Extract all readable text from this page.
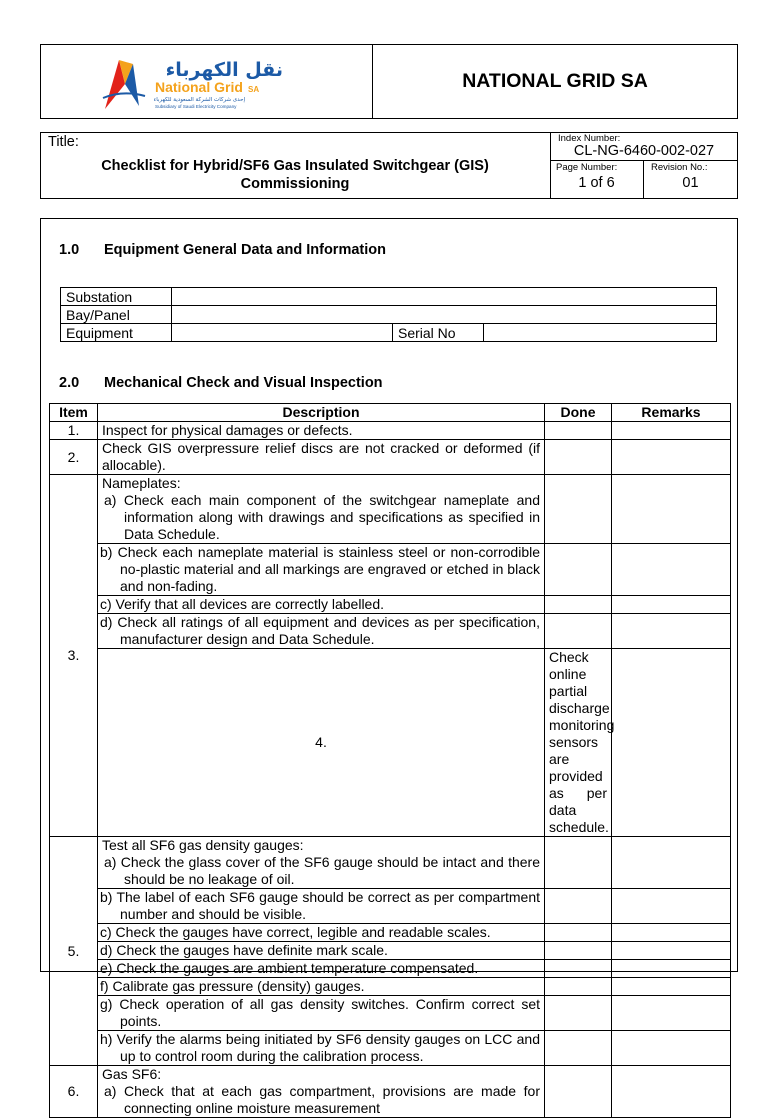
نقل الكهرباء
National Grid SA
إحدى شركات الشركة السعودية للكهرباء
Subsidiary of Saudi Electricity Company
NATIONAL GRID SA
Title:
Checklist for Hybrid/SF6 Gas Insulated Switchgear (GIS)
Commissioning
Index Number:
CL-NG-6460-002-027
Page Number:
1 of 6
Revision No.:
01
1.0 Equipment General Data and Information
Substation			
Bay/Panel			
Equipment		Serial No	
2.0 Mechanical Check and Visual Inspection
Item	Description	Done	Remarks	
1.	Inspect for physical damages or defects.			
2.	Check GIS overpressure relief discs are not cracked or deformed (if allocable).			
3.	Nameplates:
a) Check each main component of the switchgear nameplate and information along with drawings and specifications as specified in Data Schedule.			

	b) Check each nameplate material is stainless steel or non-corrodible no-plastic material and all markings are engraved or etched in black and non-fading.			
	c) Verify that all devices are correctly labelled.			
	d) Check all ratings of all equipment and devices as per specification, manufacturer design and Data Schedule.			
	4.	Check online partial discharge monitoring sensors are provided as per data schedule.		
5.	Test all SF6 gas density gauges:
a) Check the glass cover of the SF6 gauge should be intact and there should be no leakage of oil.			

	b) The label of each SF6 gauge should be correct as per compartment number and should be visible.			
	c) Check the gauges have correct, legible and readable scales.			
	d) Check the gauges have definite mark scale.			
	e) Check the gauges are ambient temperature compensated.			
	f) Calibrate gas pressure (density) gauges.			
	g) Check operation of all gas density switches. Confirm correct set points.			
	h) Verify the alarms being initiated by SF6 density gauges on LCC and up to control room during the calibration process.			
6.	Gas SF6:
a) Check that at each gas compartment, provisions are made for connecting online moisture measurement			
